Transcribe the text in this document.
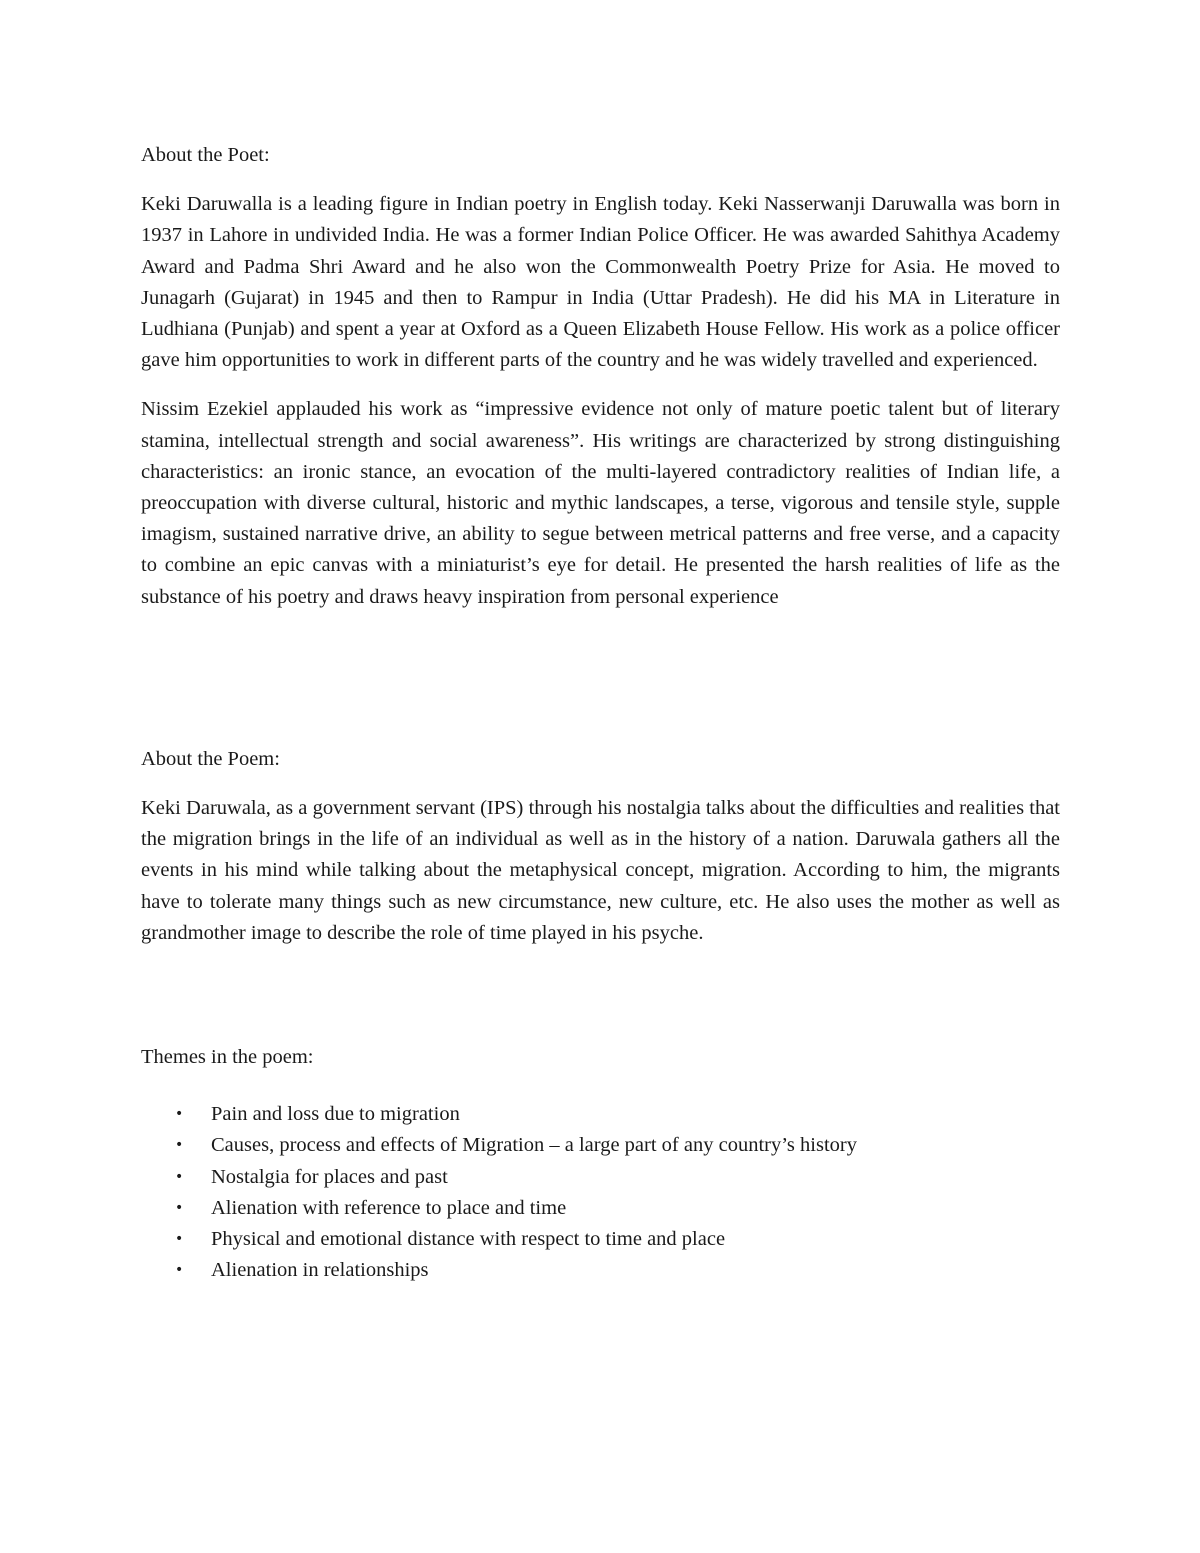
About the Poet:

Keki Daruwalla is a leading figure in Indian poetry in English today. Keki Nasserwanji Daruwalla was born in 1937 in Lahore in undivided India. He was a former Indian Police Officer. He was awarded Sahithya Academy Award and Padma Shri Award and he also won the Commonwealth Poetry Prize for Asia. He moved to Junagarh (Gujarat) in 1945 and then to Rampur in India (Uttar Pradesh). He did his MA in Literature in Ludhiana (Punjab) and spent a year at Oxford as a Queen Elizabeth House Fellow. His work as a police officer gave him opportunities to work in different parts of the country and he was widely travelled and experienced.

Nissim Ezekiel applauded his work as “impressive evidence not only of mature poetic talent but of literary stamina, intellectual strength and social awareness”. His writings are characterized by strong distinguishing characteristics: an ironic stance, an evocation of the multi-layered contradictory realities of Indian life, a preoccupation with diverse cultural, historic and mythic landscapes, a terse, vigorous and tensile style, supple imagism, sustained narrative drive, an ability to segue between metrical patterns and free verse, and a capacity to combine an epic canvas with a miniaturist’s eye for detail. He presented the harsh realities of life as the substance of his poetry and draws heavy inspiration from personal experience

About the Poem:

Keki Daruwala, as a government servant (IPS) through his nostalgia talks about the difficulties and realities that the migration brings in the life of an individual as well as in the history of a nation. Daruwala gathers all the events in his mind while talking about the metaphysical concept, migration. According to him, the migrants have to tolerate many things such as new circumstance, new culture, etc. He also uses the mother as well as grandmother image to describe the role of time played in his psyche.

Themes in the poem:
• Pain and loss due to migration
• Causes, process and effects of Migration – a large part of any country’s history
• Nostalgia for places and past
• Alienation with reference to place and time
• Physical and emotional distance with respect to time and place
• Alienation in relationships
